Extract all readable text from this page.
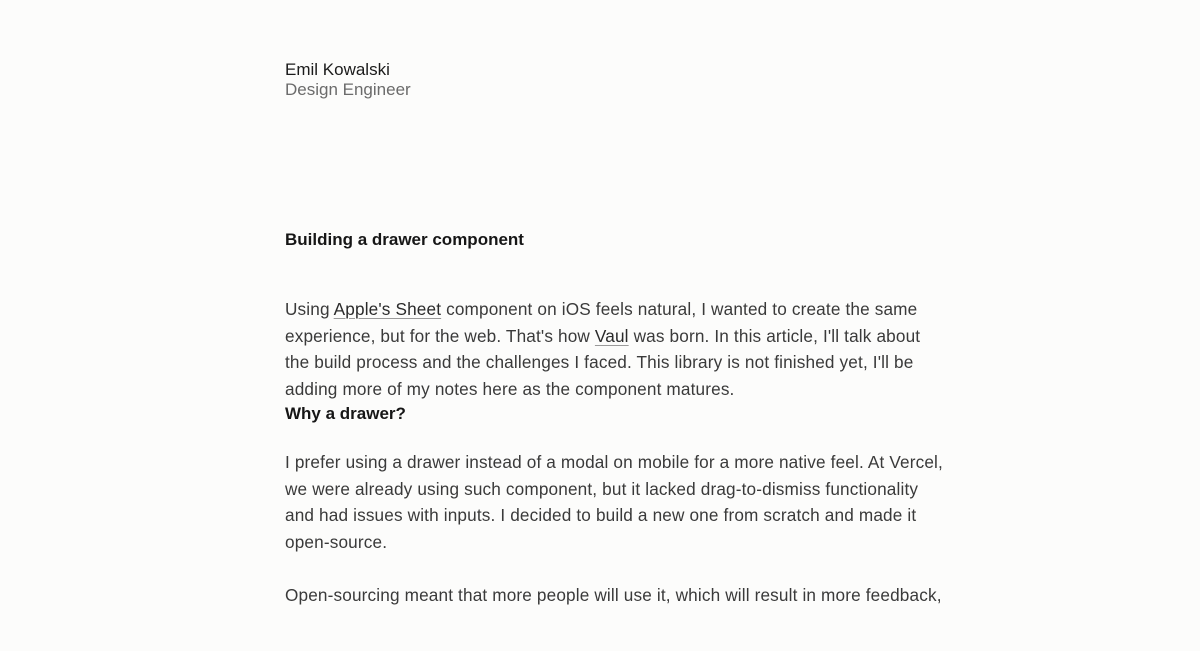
Emil Kowalski
Design Engineer
Building a drawer component

Using Apple's Sheet component on iOS feels natural, I wanted to create the same experience, but for the web. That's how Vaul was born. In this article, I'll talk about the build process and the challenges I faced. This library is not finished yet, I'll be adding more of my notes here as the component matures.

Why a drawer?

I prefer using a drawer instead of a modal on mobile for a more native feel. At Vercel, we were already using such component, but it lacked drag-to-dismiss functionality and had issues with inputs. I decided to build a new one from scratch and made it open-source.

Open-sourcing meant that more people will use it, which will result in more feedback,
